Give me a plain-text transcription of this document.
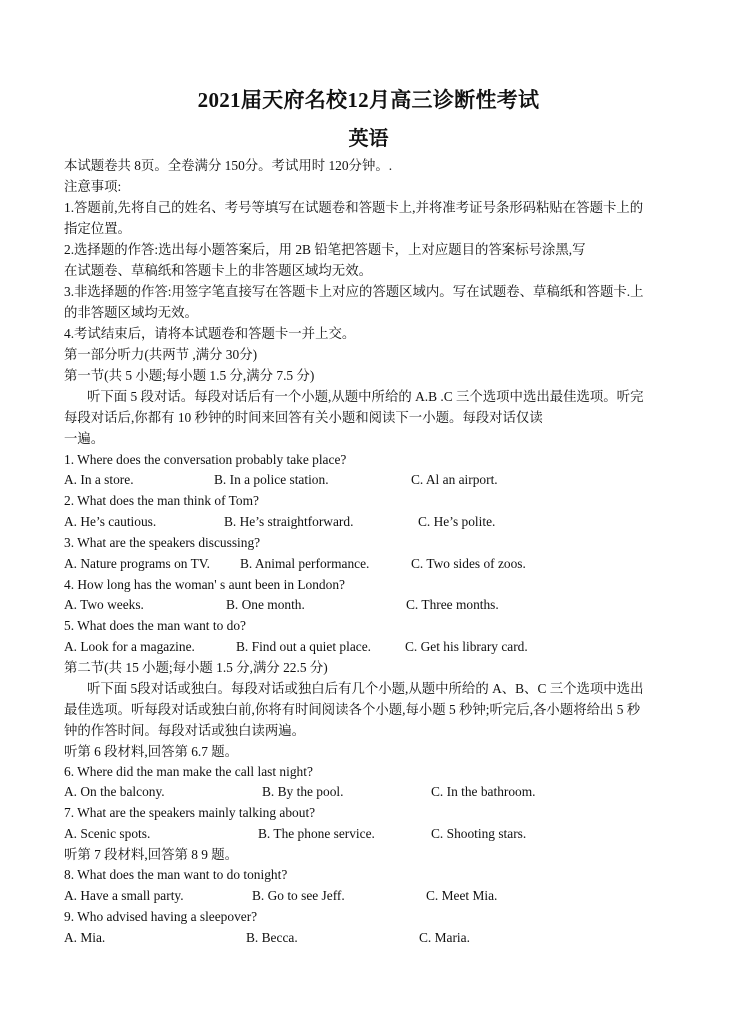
2021届天府名校12月高三诊断性考试
英语
本试题卷共 8页。全卷满分 150分。考试用时 120分钟。.
注意事项:
1.答题前,先将自己的姓名、考号等填写在试题卷和答题卡上,并将准考证号条形码粘贴在答题卡上的
指定位置。
2.选择题的作答:选出每小题答案后，用 2B 铅笔把答题卡，上对应题目的答案标号涂黑,写
在试题卷、草稿纸和答题卡上的非答题区域均无效。
3.非选择题的作答:用签字笔直接写在答题卡上对应的答题区域内。写在试题卷、草稿纸和答题卡.上
的非答题区域均无效。
4.考试结束后，请将本试题卷和答题卡一并上交。
第一部分听力(共两节 ,满分 30分)
第一节(共 5 小题;每小题 1.5 分,满分 7.5 分)
听下面 5 段对话。每段对话后有一个小题,从题中所给的 A.B .C 三个选项中选出最佳选项。听完
每段对话后,你都有 10 秒钟的时间来回答有关小题和阅读下一小题。每段对话仅读
一遍。
1. Where does the conversation probably take place?
A. In a store.	B. In a police station.	C. Al an airport.
2. What does the man think of Tom?
A. He’s cautious.	B. He’s straightforward.	C. He’s polite.
3. What are the speakers discussing?
A. Nature programs on TV. B. Animal performance.	C. Two sides of zoos.
4. How long has the woman' s aunt been in London?
A. Two weeks.	B. One month.	C. Three months.
5. What does the man want to do?
A. Look for a magazine.	B. Find out a quiet place.	C. Get his library card.
第二节(共 15 小题;每小题 1.5 分,满分 22.5 分)
听下面 5段对话或独白。每段对话或独白后有几个小题,从题中所给的 A、B、C 三个选项中选出
最佳选项。听每段对话或独白前,你将有时间阅读各个小题,每小题 5 秒钟;听完后,各小题将给出 5 秒
钟的作答时间。每段对话或独白读两遍。
听第 6 段材料,回答第 6.7 题。
6. Where did the man make the call last night?
A. On the balcony.	B. By the pool.	C. In the bathroom.
7. What are the speakers mainly talking about?
A. Scenic spots.	B. The phone service.	C. Shooting stars.
听第 7 段材料,回答第 8 9 题。
8. What does the man want to do tonight?
A. Have a small party.	B. Go to see Jeff.	C. Meet Mia.
9. Who advised having a sleepover?
A. Mia.	B. Becca.	C. Maria.
